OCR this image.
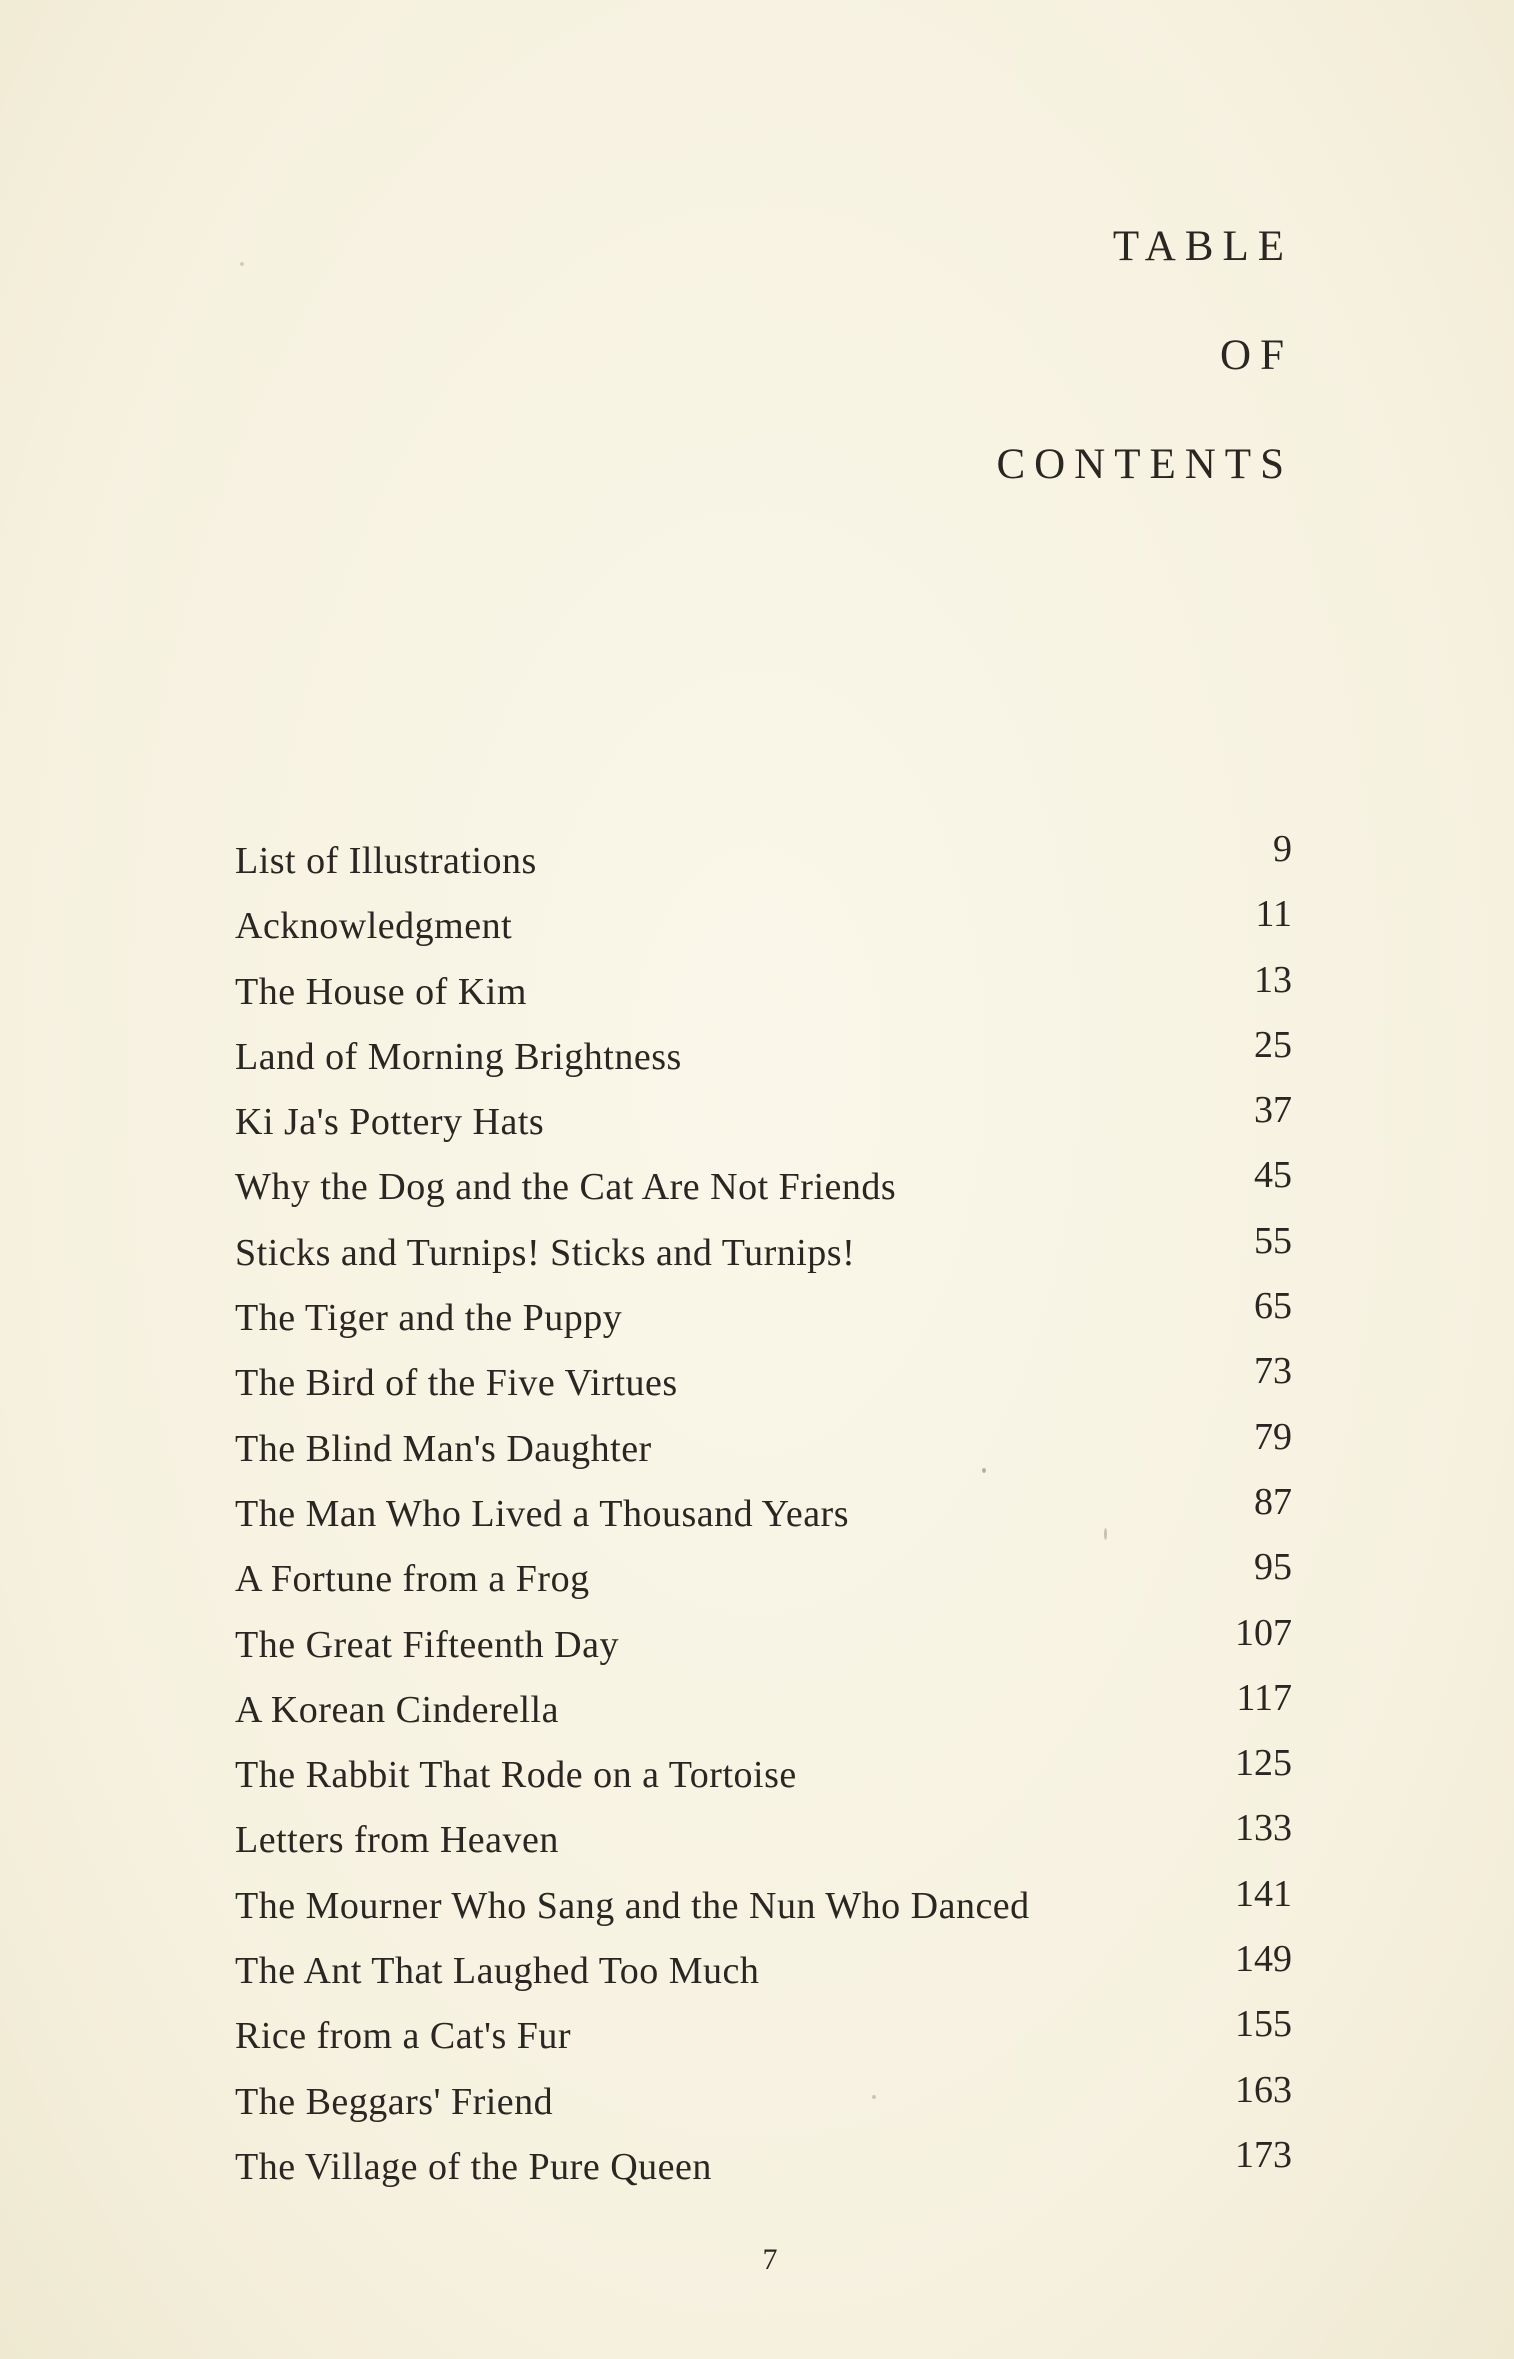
TABLE
OF
CONTENTS
List of Illustrations	9
Acknowledgment	11
The House of Kim	13
Land of Morning Brightness	25
Ki Ja's Pottery Hats	37
Why the Dog and the Cat Are Not Friends	45
Sticks and Turnips! Sticks and Turnips!	55
The Tiger and the Puppy	65
The Bird of the Five Virtues	73
The Blind Man's Daughter	79
The Man Who Lived a Thousand Years	87
A Fortune from a Frog	95
The Great Fifteenth Day	107
A Korean Cinderella	117
The Rabbit That Rode on a Tortoise	125
Letters from Heaven	133
The Mourner Who Sang and the Nun Who Danced	141
The Ant That Laughed Too Much	149
Rice from a Cat's Fur	155
The Beggars' Friend	163
The Village of the Pure Queen	173
7
